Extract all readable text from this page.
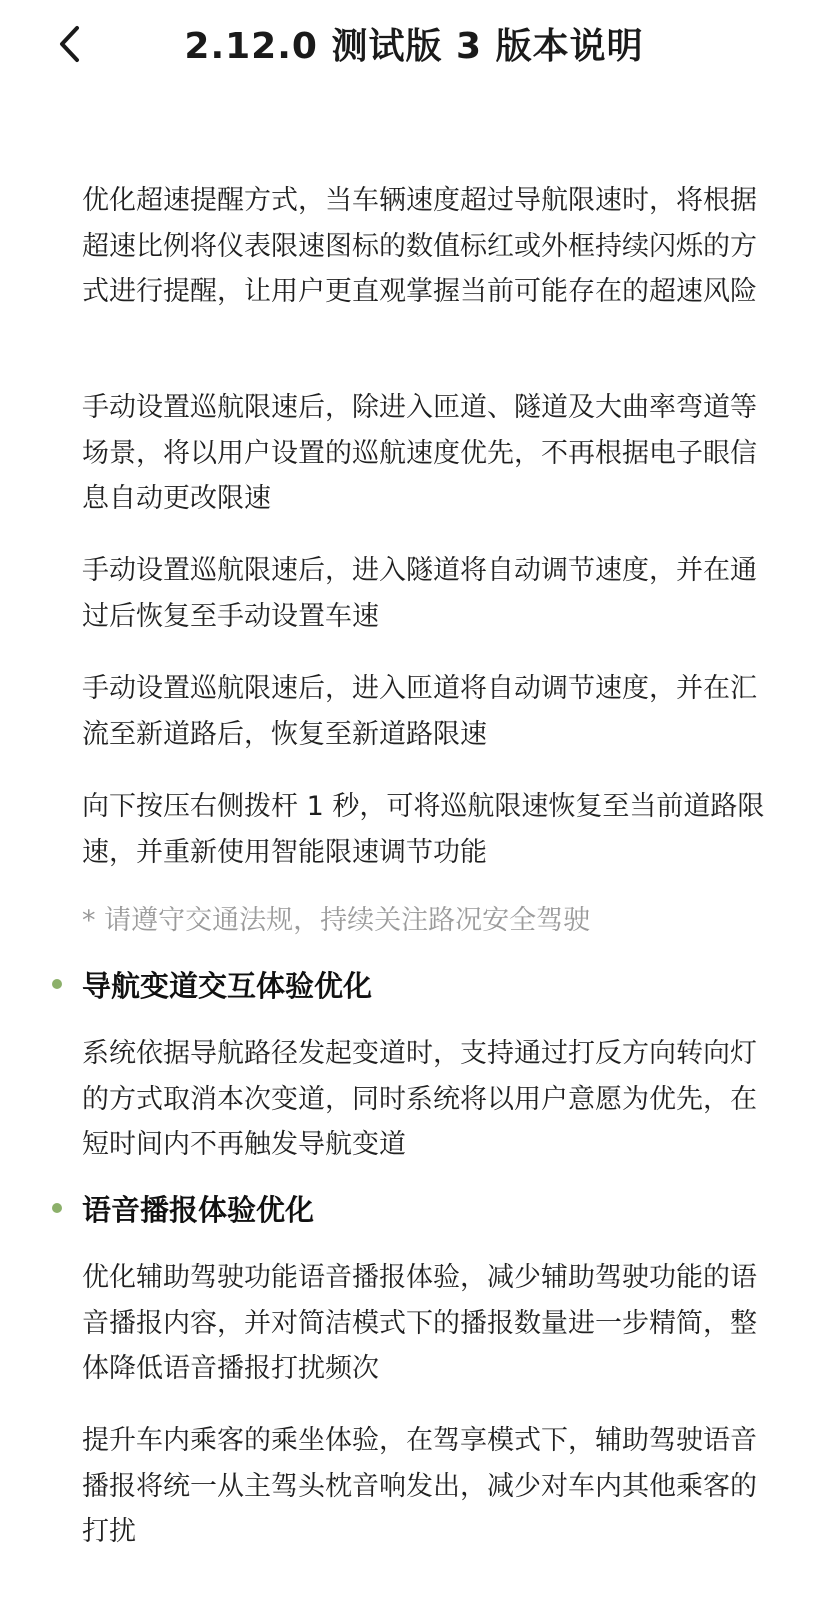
2.12.0 测试版 3 版本说明
优化超速提醒方式，当车辆速度超过导航限速时，将根据超速比例将仪表限速图标的数值标红或外框持续闪烁的方式进行提醒，让用户更直观掌握当前可能存在的超速风险
手动设置巡航限速后，除进入匝道、隧道及大曲率弯道等场景，将以用户设置的巡航速度优先，不再根据电子眼信息自动更改限速
手动设置巡航限速后，进入隧道将自动调节速度，并在通过后恢复至手动设置车速
手动设置巡航限速后，进入匝道将自动调节速度，并在汇流至新道路后，恢复至新道路限速
向下按压右侧拨杆 1 秒，可将巡航限速恢复至当前道路限速，并重新使用智能限速调节功能
* 请遵守交通法规，持续关注路况安全驾驶
导航变道交互体验优化
系统依据导航路径发起变道时，支持通过打反方向转向灯的方式取消本次变道，同时系统将以用户意愿为优先，在短时间内不再触发导航变道
语音播报体验优化
优化辅助驾驶功能语音播报体验，减少辅助驾驶功能的语音播报内容，并对简洁模式下的播报数量进一步精简，整体降低语音播报打扰频次
提升车内乘客的乘坐体验，在驾享模式下，辅助驾驶语音播报将统一从主驾头枕音响发出，减少对车内其他乘客的打扰
